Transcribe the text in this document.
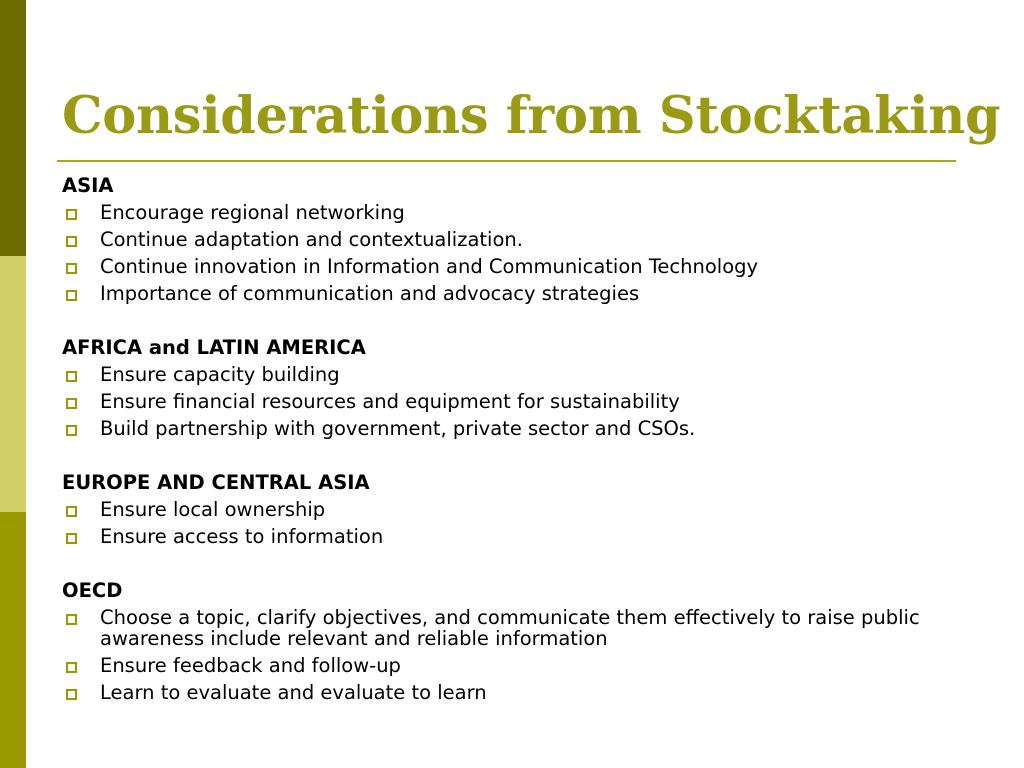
Considerations from Stocktaking
ASIA
Encourage regional networking
Continue adaptation and contextualization.
Continue innovation in Information and Communication Technology
Importance of communication and advocacy strategies
AFRICA and LATIN AMERICA
Ensure capacity building
Ensure financial resources and equipment for sustainability
Build partnership with government, private sector and CSOs.
EUROPE AND CENTRAL ASIA
Ensure local ownership
Ensure access to information
OECD
Choose a topic, clarify objectives, and communicate them effectively to raise public awareness include relevant and reliable information
Ensure feedback and follow-up
Learn to evaluate and evaluate to learn
